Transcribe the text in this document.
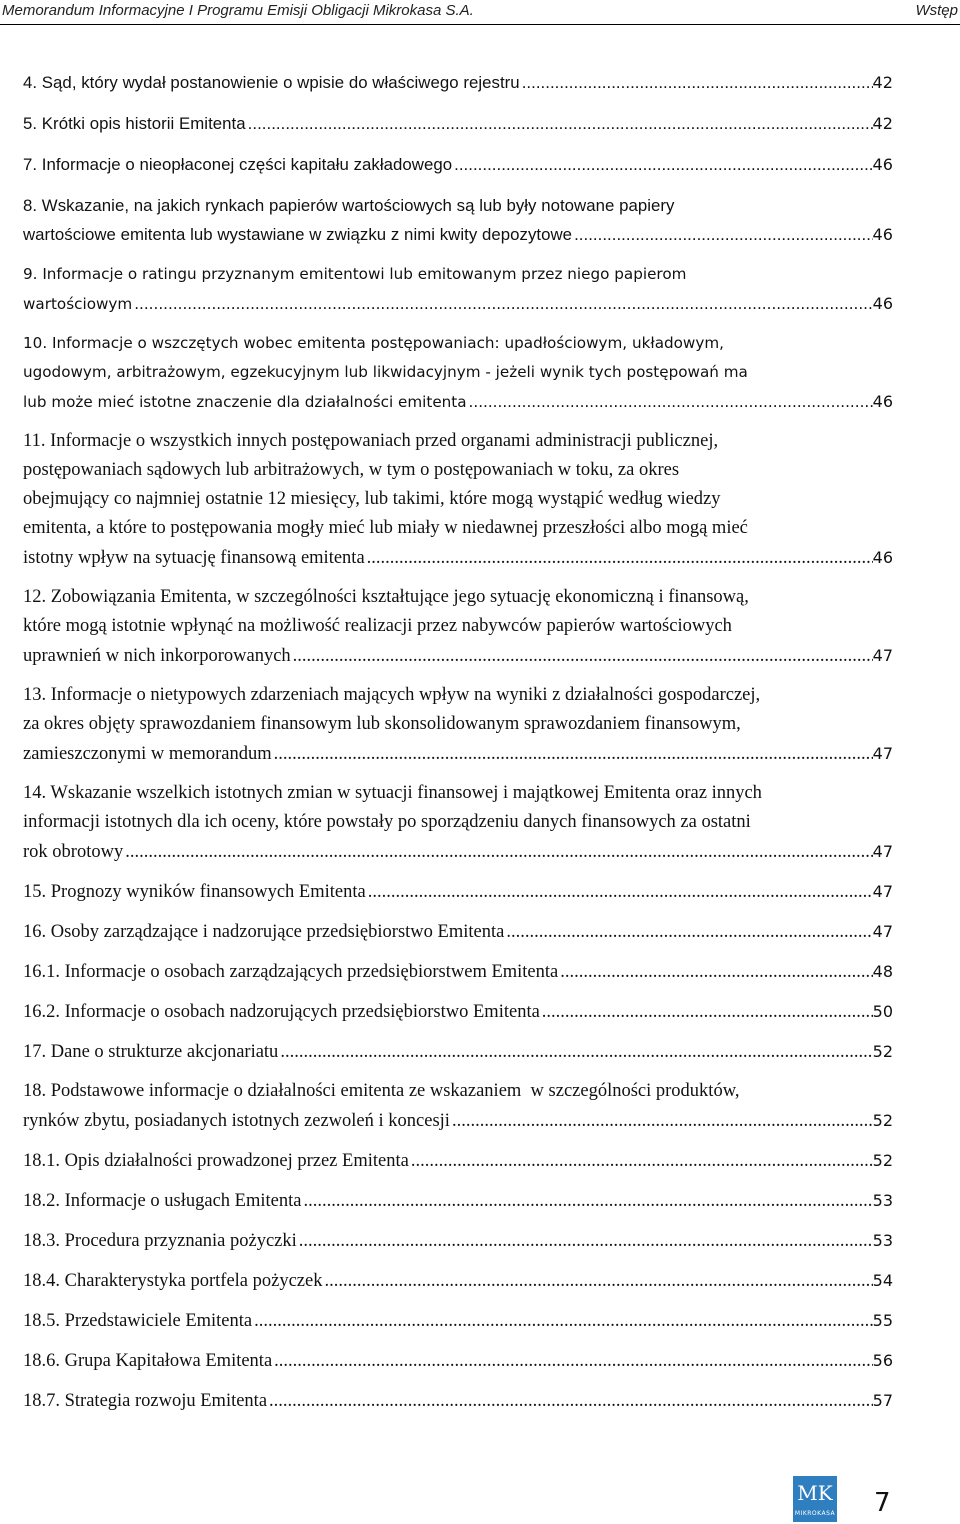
Memorandum Informacyjne I Programu Emisji Obligacji Mikrokasa S.A.	Wstęp
4. Sąd, który wydał postanowienie o wpisie do właściwego rejestru .....	42
5. Krótki opis historii Emitenta .....	42
7. Informacje o nieopłaconej części kapitału zakładowego .....	46
8. Wskazanie, na jakich rynkach papierów wartościowych są lub były notowane papiery
wartościowe emitenta lub wystawiane w związku z nimi kwity depozytowe .....	46
9. Informacje o ratingu przyznanym emitentowi lub emitowanym przez niego papierom
wartościowym .....	46
10. Informacje o wszczętych wobec emitenta postępowaniach: upadłościowym, układowym,
ugodowym, arbitrażowym, egzekucyjnym lub likwidacyjnym - jeżeli wynik tych postępowań ma
lub może mieć istotne znaczenie dla działalności emitenta .....	46
11. Informacje o wszystkich innych postępowaniach przed organami administracji publicznej,
postępowaniach sądowych lub arbitrażowych, w tym o postępowaniach w toku, za okres
obejmujący co najmniej ostatnie 12 miesięcy, lub takimi, które mogą wystąpić według wiedzy
emitenta, a które to postępowania mogły mieć lub miały w niedawnej przeszłości albo mogą mieć
istotny wpływ na sytuację finansową emitenta .....	46
12. Zobowiązania Emitenta, w szczególności kształtujące jego sytuację ekonomiczną i finansową,
które mogą istotnie wpłynąć na możliwość realizacji przez nabywców papierów wartościowych
uprawnień w nich inkorporowanych .....	47
13. Informacje o nietypowych zdarzeniach mających wpływ na wyniki z działalności gospodarczej,
za okres objęty sprawozdaniem finansowym lub skonsolidowanym sprawozdaniem finansowym,
zamieszczonymi w memorandum .....	47
14. Wskazanie wszelkich istotnych zmian w sytuacji finansowej i majątkowej Emitenta oraz innych
informacji istotnych dla ich oceny, które powstały po sporządzeniu danych finansowych za ostatni
rok obrotowy .....	47
15. Prognozy wyników finansowych Emitenta .....	47
16. Osoby zarządzające i nadzorujące przedsiębiorstwo Emitenta .....	47
16.1. Informacje o osobach zarządzających przedsiębiorstwem Emitenta .....	48
16.2. Informacje o osobach nadzorujących przedsiębiorstwo Emitenta .....	50
17. Dane o strukturze akcjonariatu .....	52
18. Podstawowe informacje o działalności emitenta ze wskazaniem  w szczególności produktów,
rynków zbytu, posiadanych istotnych zezwoleń i koncesji .....	52
18.1. Opis działalności prowadzonej przez Emitenta .....	52
18.2. Informacje o usługach Emitenta .....	53
18.3. Procedura przyznania pożyczki .....	53
18.4. Charakterystyka portfela pożyczek .....	54
18.5. Przedstawiciele Emitenta .....	55
18.6. Grupa Kapitałowa Emitenta .....	56
18.7. Strategia rozwoju Emitenta .....	57
MK
MIKROKASA 7
